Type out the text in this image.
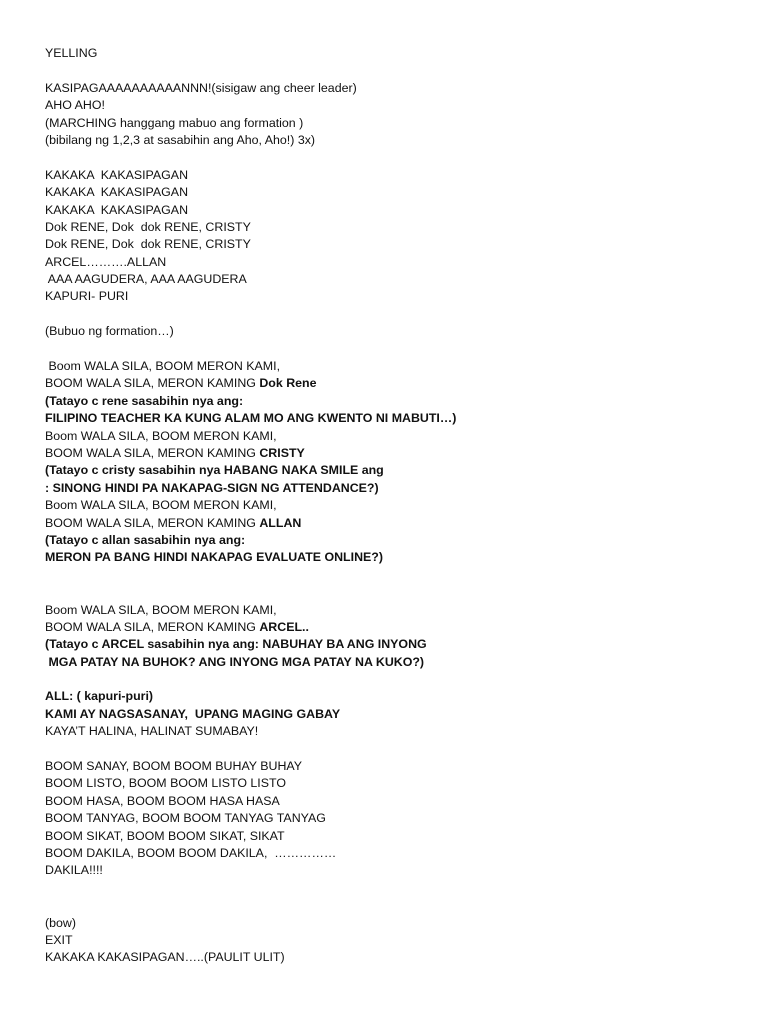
YELLING
KASIPAGAAAAAAAAAANNN!(sisigaw ang cheer leader)
AHO AHO!
(MARCHING hanggang mabuo ang formation )
(bibilang ng 1,2,3 at sasabihin ang Aho, Aho!) 3x)
KAKAKA  KAKASIPAGAN
KAKAKA  KAKASIPAGAN
KAKAKA  KAKASIPAGAN
Dok RENE, Dok  dok RENE, CRISTY
Dok RENE, Dok  dok RENE, CRISTY
ARCEL……….ALLAN
AAA AAGUDERA, AAA AAGUDERA
KAPURI- PURI
(Bubuo ng formation…)
Boom WALA SILA, BOOM MERON KAMI,
BOOM WALA SILA, MERON KAMING Dok Rene
(Tatayo c rene sasabihin nya ang:
FILIPINO TEACHER KA KUNG ALAM MO ANG KWENTO NI MABUTI…)
Boom WALA SILA, BOOM MERON KAMI,
BOOM WALA SILA, MERON KAMING CRISTY
(Tatayo c cristy sasabihin nya HABANG NAKA SMILE ang
: SINONG HINDI PA NAKAPAG-SIGN NG ATTENDANCE?)
Boom WALA SILA, BOOM MERON KAMI,
BOOM WALA SILA, MERON KAMING ALLAN
(Tatayo c allan sasabihin nya ang:
MERON PA BANG HINDI NAKAPAG EVALUATE ONLINE?)
Boom WALA SILA, BOOM MERON KAMI,
BOOM WALA SILA, MERON KAMING ARCEL..
(Tatayo c ARCEL sasabihin nya ang: NABUHAY BA ANG INYONG
MGA PATAY NA BUHOK? ANG INYONG MGA PATAY NA KUKO?)
ALL: ( kapuri-puri)
KAMI AY NAGSASANAY,  UPANG MAGING GABAY
KAYA’T HALINA, HALINAT SUMABAY!
BOOM SANAY, BOOM BOOM BUHAY BUHAY
BOOM LISTO, BOOM BOOM LISTO LISTO
BOOM HASA, BOOM BOOM HASA HASA
BOOM TANYAG, BOOM BOOM TANYAG TANYAG
BOOM SIKAT, BOOM BOOM SIKAT, SIKAT
BOOM DAKILA, BOOM BOOM DAKILA,  ……………
DAKILA!!!!
(bow)
EXIT
KAKAKA KAKASIPAGAN…..(PAULIT ULIT)
